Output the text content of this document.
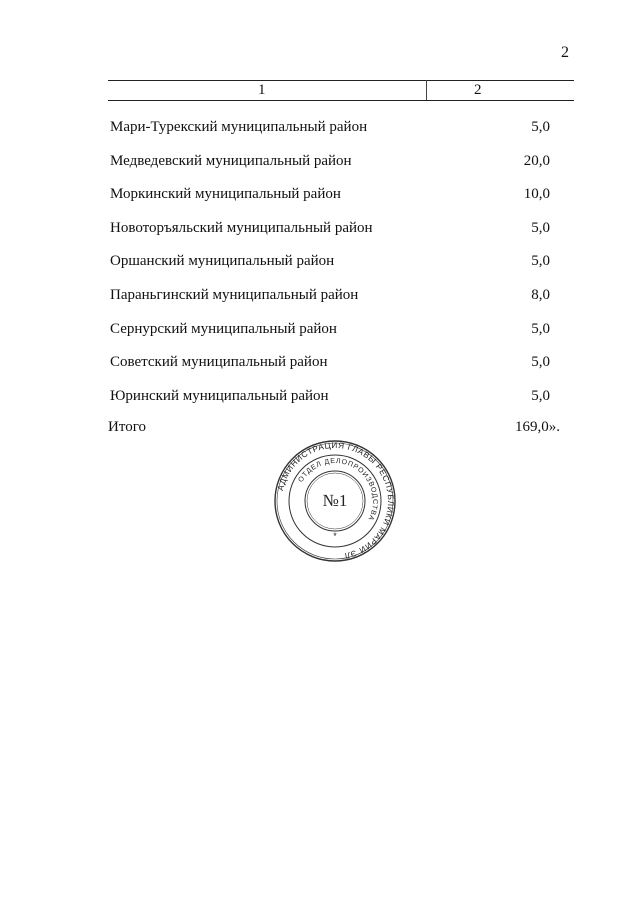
2
1	2
Мари-Турекский муниципальный район	5,0
Медведевский муниципальный район	20,0
Моркинский муниципальный район	10,0
Новоторъяльский муниципальный район	5,0
Оршанский муниципальный район	5,0
Параньгинский муниципальный район	8,0
Сернурский муниципальный район	5,0
Советский муниципальный район	5,0
Юринский муниципальный район	5,0
Итого	169,0».
АДМИНИСТРАЦИЯ ГЛАВЫ РЕСПУБЛИКИ МАРИЙ ЭЛ
ОТДЕЛ ДЕЛОПРОИЗВОДСТВА
№1
*
